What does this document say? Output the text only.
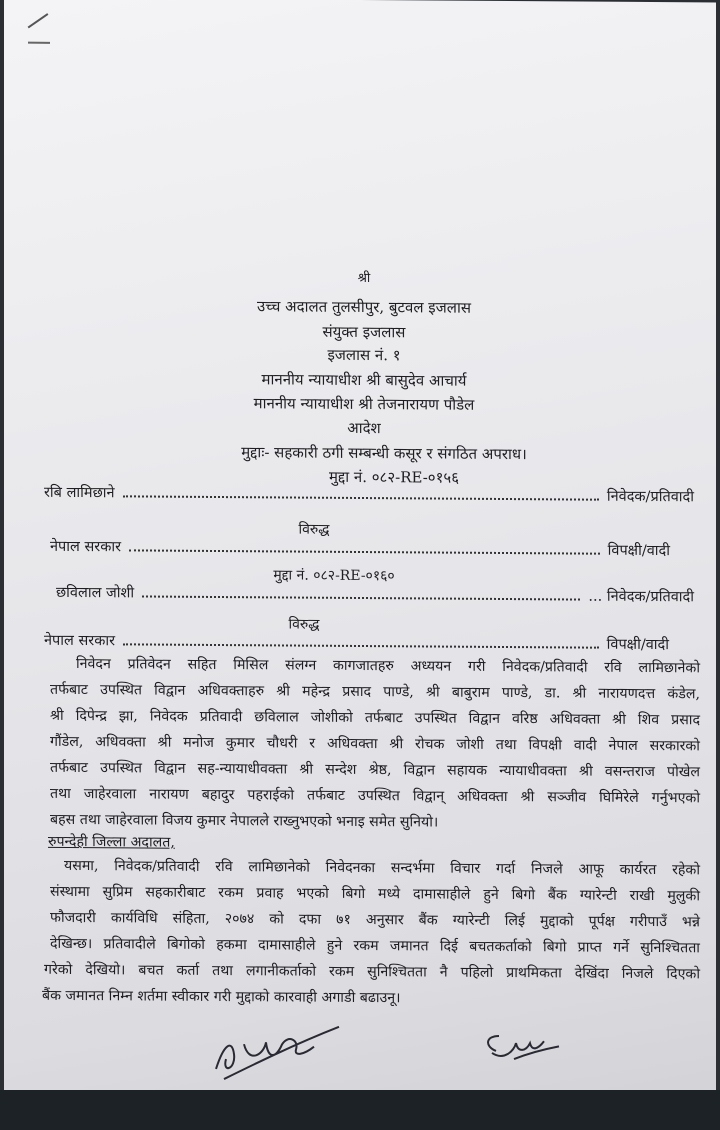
श्री
उच्च अदालत तुलसीपुर, बुटवल इजलास
संयुक्त इजलास
इजलास नं. १
माननीय न्यायाधीश श्री बासुदेव आचार्य
माननीय न्यायाधीश श्री तेजनारायण पौडेल
आदेश
मुद्दाः- सहकारी ठगी सम्बन्धी कसूर र संगठित अपराध।
मुद्दा नं. ०८२-RE-०१५६
रबि लामिछाने	निवेदक/प्रतिवादी
विरुद्ध
नेपाल सरकार	विपक्षी/वादी
मुद्दा नं. ०८२-RE-०१६०
छविलाल जोशी	... निवेदक/प्रतिवादी
विरुद्ध
नेपाल सरकार	विपक्षी/वादी
निवेदन प्रतिवेदन सहित मिसिल संलग्न कागजातहरु अध्ययन गरी निवेदक/प्रतिवादी रवि लामिछानेको
तर्फबाट उपस्थित विद्वान अधिवक्ताहरु श्री महेन्द्र प्रसाद पाण्डे, श्री बाबुराम पाण्डे, डा. श्री नारायणदत्त कंडेल,
श्री दिपेन्द्र झा, निवेदक प्रतिवादी छविलाल जोशीको तर्फबाट उपस्थित विद्वान वरिष्ठ अधिवक्ता श्री शिव प्रसाद
गौंडेल, अधिवक्ता श्री मनोज कुमार चौधरी र अधिवक्ता श्री रोचक जोशी तथा विपक्षी वादी नेपाल सरकारको
तर्फबाट उपस्थित विद्वान सह-न्यायाधीवक्ता श्री सन्देश श्रेष्ठ, विद्वान सहायक न्यायाधीवक्ता श्री वसन्तराज पोखेल
तथा जाहेरवाला नारायण बहादुर पहराईको तर्फबाट उपस्थित विद्वान् अधिवक्ता श्री सञ्जीव घिमिरेले गर्नुभएको
बहस तथा जाहेरवाला विजय कुमार नेपालले राख्नुभएको भनाइ समेत सुनियो।
रुपन्देही जिल्ला अदालत,
यसमा, निवेदक/प्रतिवादी रवि लामिछानेको निवेदनका सन्दर्भमा विचार गर्दा निजले आफू कार्यरत रहेको
संस्थामा सुप्रिम सहकारीबाट रकम प्रवाह भएको बिगो मध्ये दामासाहीले हुने बिगो बैंक ग्यारेन्टी राखी मुलुकी
फौजदारी कार्यविधि संहिता, २०७४ को दफा ७१ अनुसार बैंक ग्यारेन्टी लिई मुद्दाको पूर्पक्ष गरीपाउँ भन्ने
देखिन्छ। प्रतिवादीले बिगोको हकमा दामासाहीले हुने रकम जमानत दिई बचतकर्ताको बिगो प्राप्त गर्ने सुनिश्चितता
गरेको देखियो। बचत कर्ता तथा लगानीकर्ताको रकम सुनिश्चितता नै पहिलो प्राथमिकता देखिंदा निजले दिएको
बैंक जमानत निम्न शर्तमा स्वीकार गरी मुद्दाको कारवाही अगाडी बढाउनू।
